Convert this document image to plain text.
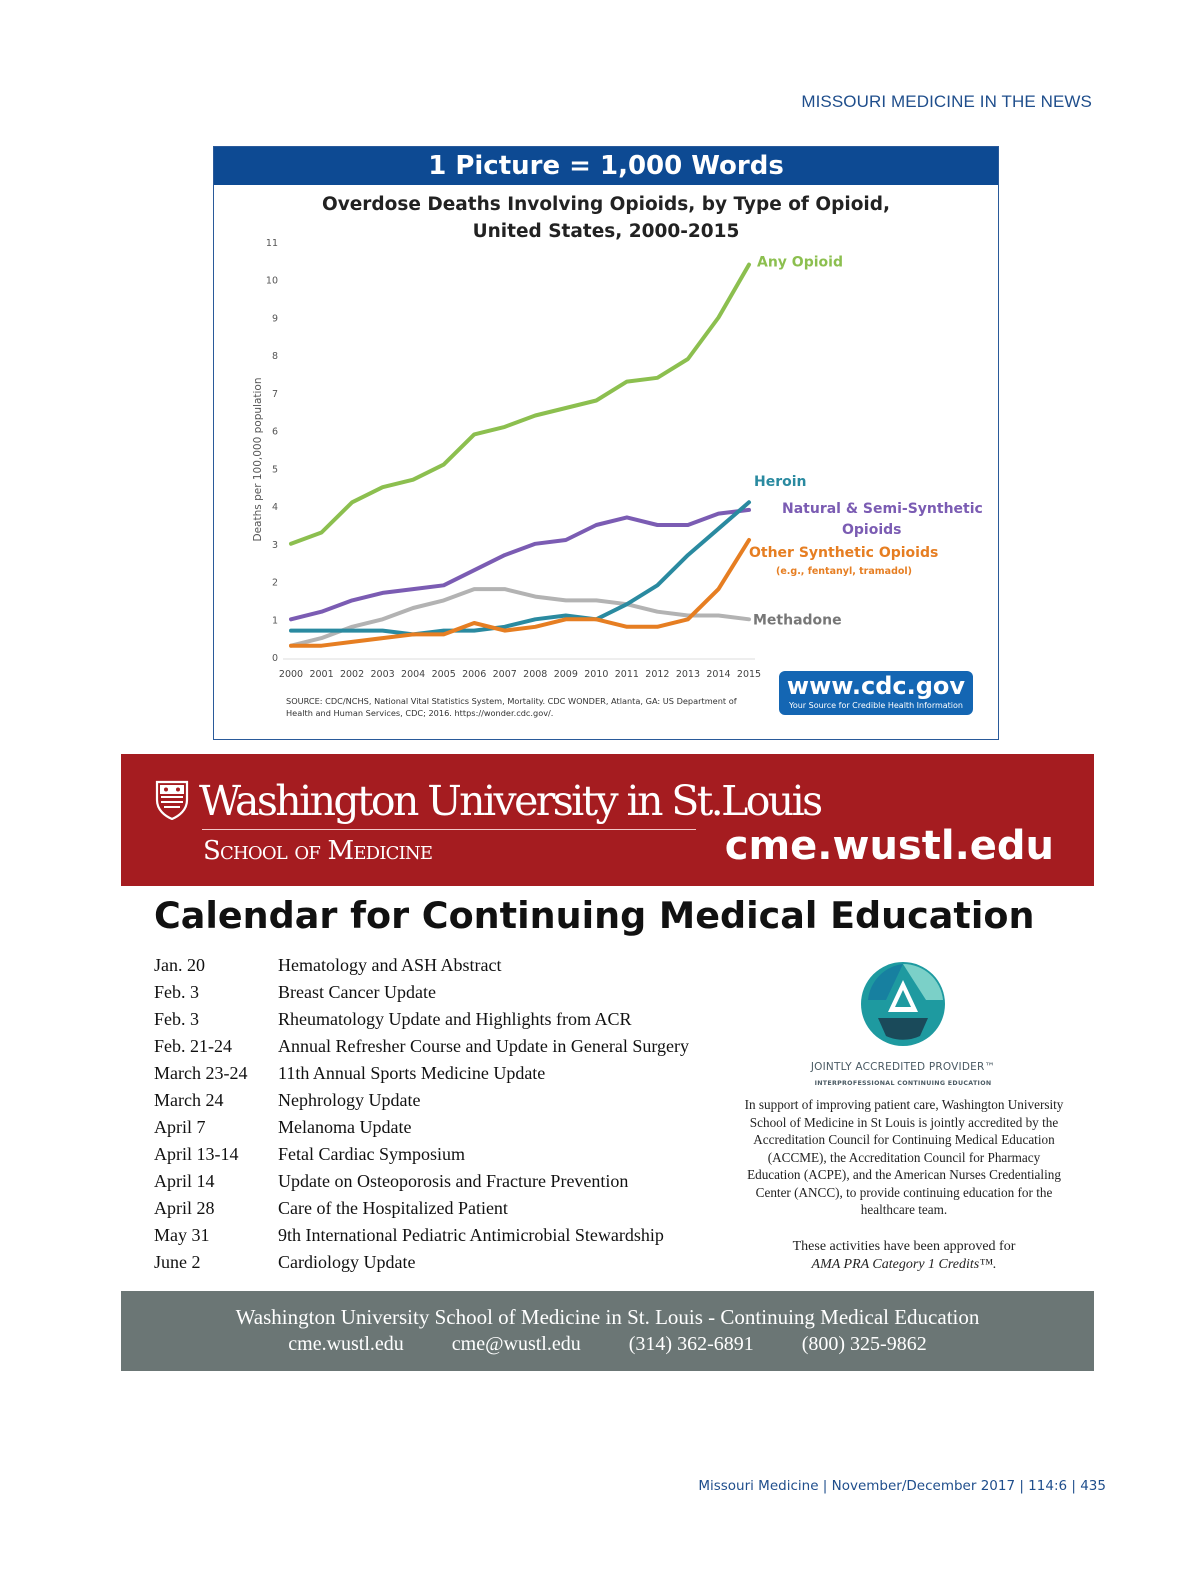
MISSOURI MEDICINE IN THE NEWS
1 Picture = 1,000 Words
Overdose Deaths Involving Opioids, by Type of Opioid,
United States, 2000-2015
0
1
2
3
4
5
6
7
8
9
10
11
Deaths per 100,000 population
2000 2001 2002 2003 2004 2005 2006 2007 2008 2009 2010 2011 2012 2013 2014 2015
Any Opioid
Heroin
Natural & Semi-Synthetic
Opioids
Other Synthetic Opioids
(e.g., fentanyl, tramadol)
Methadone
SOURCE: CDC/NCHS, National Vital Statistics System, Mortality. CDC WONDER, Atlanta, GA: US Department of Health and Human Services, CDC; 2016. https://wonder.cdc.gov/.
www.cdc.gov
Your Source for Credible Health Information
Washington University in St.Louis
School of Medicine	cme.wustl.edu
Calendar for Continuing Medical Education
Jan. 20	Hematology and ASH Abstract
Feb. 3	Breast Cancer Update
Feb. 3	Rheumatology Update and Highlights from ACR
Feb. 21-24	Annual Refresher Course and Update in General Surgery
March 23-24 11th Annual Sports Medicine Update
March 24	Nephrology Update
April 7	Melanoma Update
April 13-14 Fetal Cardiac Symposium
April 14	Update on Osteoporosis and Fracture Prevention
April 28	Care of the Hospitalized Patient
May 31	9th International Pediatric Antimicrobial Stewardship
June 2	Cardiology Update
JOINTLY ACCREDITED PROVIDER™
INTERPROFESSIONAL CONTINUING EDUCATION
In support of improving patient care, Washington University School of Medicine in St Louis is jointly accredited by the Accreditation Council for Continuing Medical Education (ACCME), the Accreditation Council for Pharmacy Education (ACPE), and the American Nurses Credentialing Center (ANCC), to provide continuing education for the healthcare team.
These activities have been approved for
AMA PRA Category 1 Credits™.
Washington University School of Medicine in St. Louis - Continuing Medical Education
cme.wustl.edu cme@wustl.edu (314) 362-6891 (800) 325-9862
Missouri Medicine | November/December 2017 | 114:6 | 435
